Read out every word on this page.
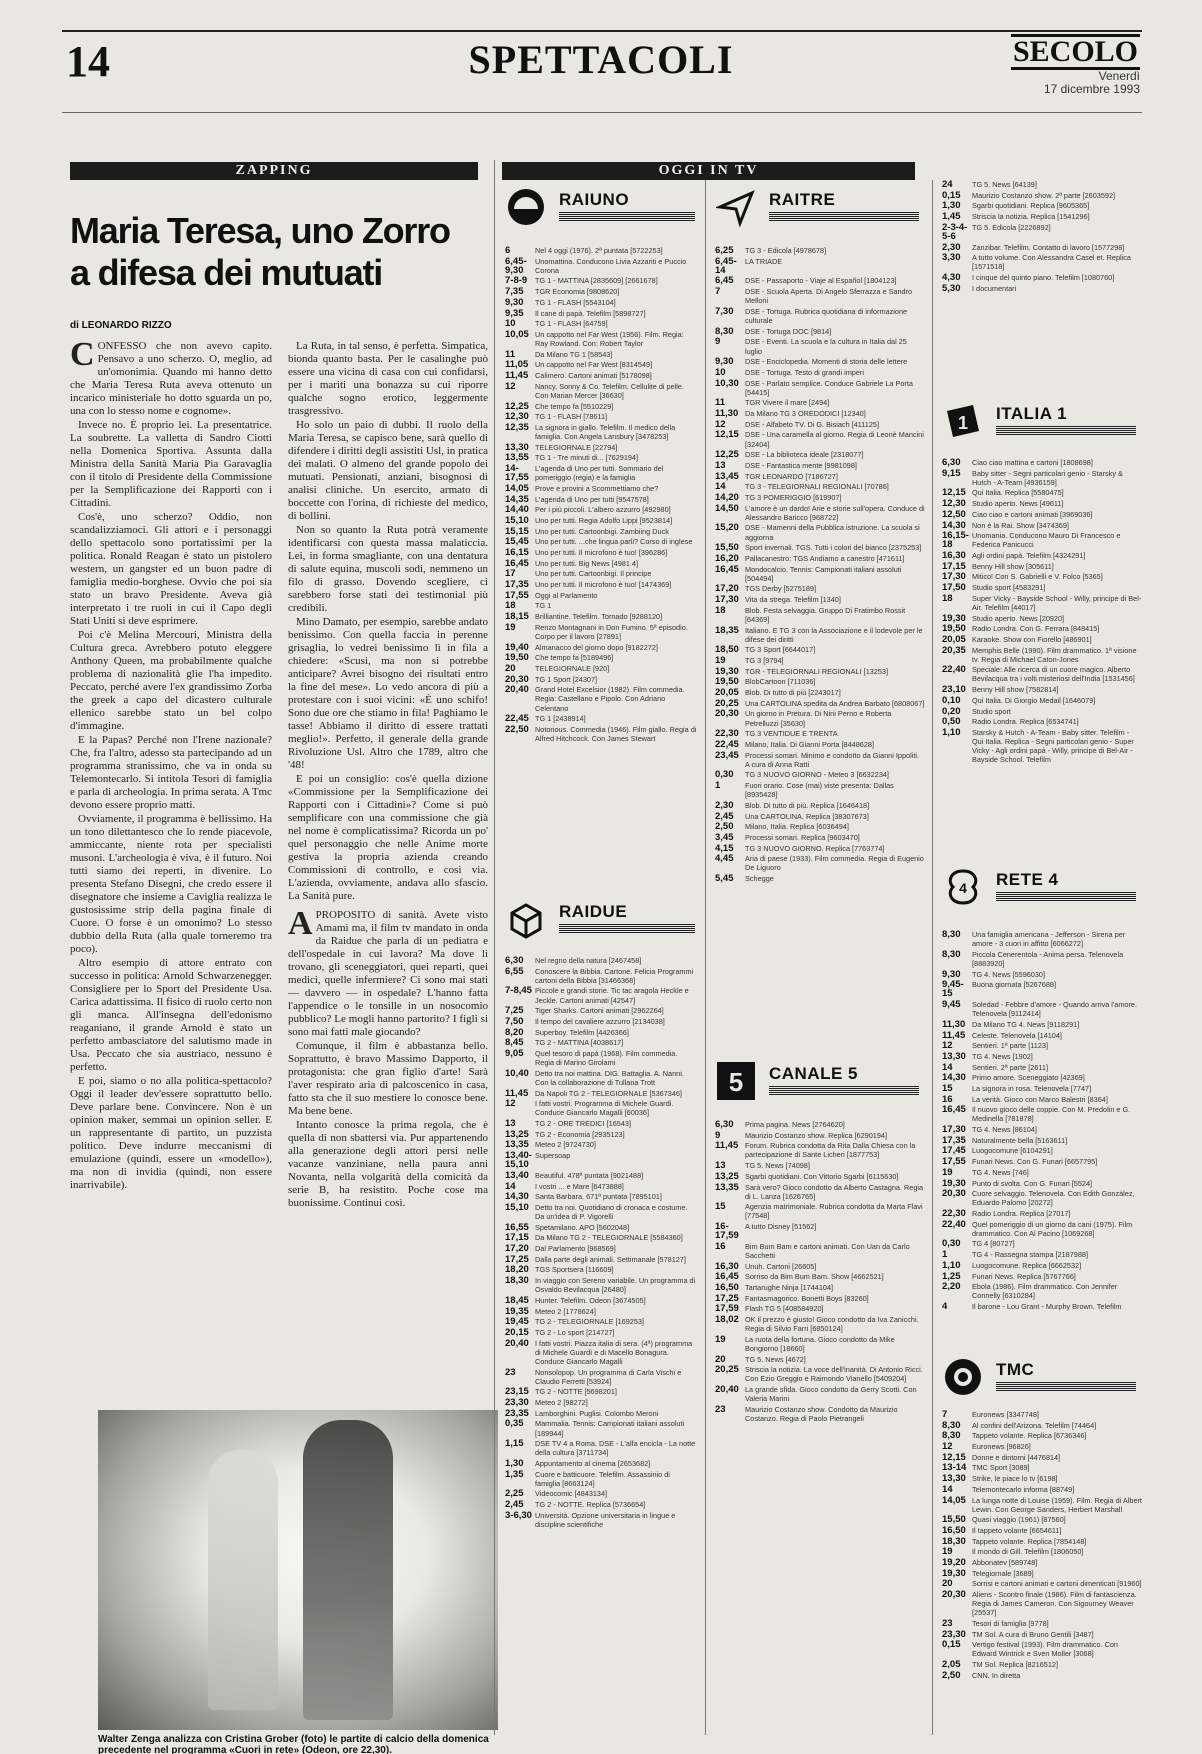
14	SPETTACOLI	SECOLO
Venerdì
17 dicembre 1993
ZAPPING
Maria Teresa, uno Zorro
a difesa dei mutuati
di LEONARDO RIZZO

CONFESSO che non avevo capito. Pensavo a uno scherzo. O, meglio, ad un'omonimia. Quando mi hanno detto che Maria Teresa Ruta aveva ottenuto un incarico ministeriale ho dotto sguarda un po, una con lo stesso nome e cognome».

Invece no. È proprio lei. La presentatrice. La soubrette. La valletta di Sandro Ciotti nella Domenica Sportiva. Assunta dalla Ministra della Sanità Maria Pia Garavaglia con il titolo di Presidente della Commissione per la Semplificazione dei Rapporti con i Cittadini.

Cos'è, uno scherzo? Oddio, non scandalizziamoci. Gli attori e i personaggi dello spettacolo sono portatissimi per la politica. Ronald Reagan è stato un pistolero western, un gangster ed un buon padre di famiglia medio-borghese. Ovvio che poi sia stato un bravo Presidente. Aveva già interpretato i tre ruoli in cui il Capo degli Stati Uniti si deve esprimere.

Poi c'è Melina Mercouri, Ministra della Cultura greca. Avrebbero potuto eleggere Anthony Queen, ma probabilmente qualche problema di nazionalità glie l'ha impedito. Peccato, perché avere l'ex grandissimo Zorba the greek a capo del dicastero culturale ellenico sarebbe stato un bel colpo d'immagine.

E la Papas? Perché non l'Irene nazionale? Che, fra l'altro, adesso sta partecipando ad un programma stranissimo, che va in onda su Telemontecarlo. Si intitola Tesori di famiglia e parla di archeologia. In prima serata. A Tmc devono essere proprio matti.

Ovviamente, il programma è bellissimo. Ha un tono dilettantesco che lo rende piacevole, ammiccante, niente rota per specialisti musoni. L'archeologia è viva, è il futuro. Noi tutti siamo dei reperti, in divenire. Lo presenta Stefano Disegni, che credo essere il disegnatore che insieme a Caviglia realizza le gustosissime strip della pagina finale di Cuore. O forse è un omonimo? Lo stesso dubbio della Ruta (alla quale torneremo tra poco).

Altro esempio di attore entrato con successo in politica: Arnold Schwarzenegger. Consigliere per lo Sport del Presidente Usa. Carica adattissima. Il fisico di ruolo certo non gli manca. All'insegna dell'edonismo reaganiano, il grande Arnold è stato un perfetto ambasciatore del salutismo made in Usa. Peccato che sia austriaco, nessuno è perfetto.

E poi, siamo o no alla politica-spettacolo? Oggi il leader dev'essere soprattutto bello. Deve parlare bene. Convincere. Non è un opinion maker, semmai un opinion seller. E un rappresentante di partito, un puzzista politico. Deve indurre meccanismi di emulazione (quindi, essere un «modello»), ma non di invidia (quindi, non essere inarrivabile).

La Ruta, in tal senso, è perfetta. Simpatica, bionda quanto basta. Per le casalinghe può essere una vicina di casa con cui confidarsi, per i mariti una bonazza su cui riporre qualche sogno erotico, leggermente trasgressivo.

Ho solo un paio di dubbi. Il ruolo della Maria Teresa, se capisco bene, sarà quello di difendere i diritti degli assistiti Usl, in pratica dei malati. O almeno del grande popolo dei mutuati. Pensionati, anziani, bisognosi di analisi cliniche. Un esercito, armato di boccette con l'orina, di richieste del medico, di bollini.

Non so quanto la Ruta potrà veramente identificarsi con questa massa malaticcia. Lei, in forma smagliante, con una dentatura di salute equina, muscoli sodi, nemmeno un filo di grasso. Dovendo scegliere, ci sarebbero forse stati dei testimonial più credibili.

Mino Damato, per esempio, sarebbe andato benissimo. Con quella faccia in perenne grisaglia, lo vedrei benissimo lì in fila a chiedere: «Scusi, ma non si potrebbe anticipare? Avrei bisogno dei risultati entro la fine del mese». Lo vedo ancora di più a protestare con i suoi vicini: «È uno schifo! Sono due ore che stiamo in fila! Paghiamo le tasse! Abbiamo il diritto di essere trattati meglio!». Perfetto, il generale della grande Rivoluzione Usl. Altro che 1789, altro che '48!

E poi un consiglio: cos'è quella dizione «Commissione per la Semplificazione dei Rapporti con i Cittadini»? Come si può semplificare con una commissione che già nel nome è complicatissima? Ricorda un po' quel personaggio che nelle Anime morte gestiva la propria azienda creando Commissioni di controllo, e così via. L'azienda, ovviamente, andava allo sfascio. La Sanità pure.

APROPOSITO di sanità. Avete visto Amami ma, il film tv mandato in onda da Raidue che parla di un pediatra e dell'ospedale in cui lavora? Ma dove li trovano, gli sceneggiatori, quei reparti, quei medici, quelle infermiere? Ci sono mai stati — davvero — in ospedale? L'hanno fatta l'appendice o le tonsille in un nosocomio pubblico? Le mogli hanno partorito? I figli si sono mai fatti male giocando?

Comunque, il film è abbastanza bello. Soprattutto, è bravo Massimo Dapporto, il protagonista: che gran figlio d'arte! Sarà l'aver respirato aria di palcoscenico in casa, fatto sta che il suo mestiere lo conosce bene. Ma bene bene.

Intanto conosce la prima regola, che è quella di non sbattersi via. Pur appartenendo alla generazione degli attori persi nelle vacanze vanziniane, nella paura anni Novanta, nella volgarità della comicità da serie B, ha resistito. Poche cose ma buonissime. Continui così.

Walter Zenga analizza con Cristina Grober (foto) le partite di calcio della domenica precedente nel programma «Cuori in rete» (Odeon, ore 22,30).
OGGI IN TV
RAIUNO
6	Nel 4 oggi (1976). 2ª puntata [5722253]
6,45-9,30
Unomattina. Conducono Livia Azzariti e Puccio Corona
7-8-9	TG 1 - MATTINA [2835609] [2661678]
7,35	TGR Economia [9808620]
9,30	TG 1 - FLASH [5543104]
9,35	Il cane di papà. Telefilm [5898727]
10	TG 1 - FLASH [64759]
10,05 Un cappotto nel Far West (1956). Film. Regia: Ray Rowland. Con: Robert Taylor
11	Da Milano TG 1 [58543]
11,05 Un cappotto nel Far West [8314549]
11,45 Calimero. Cartoni animati [5178098]
12	Nancy, Sonny & Co. Telefilm. Cellulite di pelle. Con Marian Mercer [36630]
12,25 Che tempo fa [5510229]
12,30 TG 1 - FLASH [78611]
12,35 La signora in giallo. Telefilm. Il medico della famiglia. Con Angela Lansbury [3478253]
13,30 TELEGIORNALE [22794]
13,55 TG 1 - Tre minuti di... [7629194]
14-17,55
L'agenda di Uno per tutti. Sommario del pomeriggio (regia) e la famiglia
14,05 Prove e provini a Scommettiamo che?
14,35 L'agenda di Uno per tutti [9547578]
14,40 Per i più piccoli. L'albero azzurro [492980]
15,10 Uno per tutti. Regia Adolfo Lippi [9523814]
15,15 Uno per tutti. Cartoonbigi. Zambiing Duck
15,45 Uno per tutti. ...che lingua parli? Corso di inglese
16,15 Uno per tutti. Il microfono è tuo! [396286]
16,45 Uno per tutti. Big News [4981 4]
17	Uno per tutti. Cartoonbigi. Il principe
17,35 Uno per tutti. Il microfono è tuo! [1474369]
17,55 Oggi al Parlamento
18	TG 1
18,15 Brilliantine. Telefilm. Tornado [9288120]
19	Renzo Montagnani in Don Fumino. 5ª episodio. Corpo per il lavoro [27891]
19,40 Almanacco del giorno dopo [9182272]
19,50 Che tempo fa [5189496]
20	TELEGIORNALE [920]
20,30 TG 1 Sport [24307]
20,40 Grand Hotel Excelsior (1982). Film commedia. Regia: Castellano e Pipolo. Con Adriano Celentano
22,45 TG 1 [2438914]
22,50 Notorious. Commedia (1946). Film giallo. Regia di Alfred Hitchcock. Con James Stewart
RAIDUE
6,30	Nel regno della natura [2467458]
6,55	Conoscere la Bibbia. Cartone. Felicia Programmi cartoni della Bibbia [31466368]
7-8,45 Piccole e grandi storie. Tic tac aragola Heckle e Jeckle. Cartoni animati [42547]
7,25	Tiger Sharks. Cartoni animati [2962264]
7,50	Il tempo del cavaliere azzurro [2134038]
8,20	Superboy. Telefilm [4426366]
8,45	TG 2 - MATTINA [4038617]
9,05	Quel tesoro di papà (1968). Film commedia. Regia di Marino Girolami
10,40 Detto tra noi mattina. DIG. Battaglia. A. Nanni. Con la collaborazione di Tullana Trott
11,45 Da Napoli TG 2 - TELEGIORNALE [5367346]
12	I fatti vostri. Programma di Michele Guardì. Conduce Giancarlo Magalli [60036]
13	TG 2 - ORE TREDICI [16543]
13,25 TG 2 - Economia [2935123]
13,35 Meteo 2 [9724730]
13,40-15,10
Supersoap
13,40 Beautiful. 478ª puntata [9021488]
14	I vostri ... e Mare [6473888]
14,30 Santa Barbara. 671ª puntata [7895101]
15,10 Detto tra noi. Quotidiano di cronaca e costume. Da un'idea di P. Vigorelli
16,55 Spetamilano. APO [5602048]
17,15 Da Milano TG 2 - TELEGIORNALE [5584360]
17,20 Dal Parlamento [968569]
17,25 Dalla parte degli animali. Settimanale [578127]
18,20 TGS Sportsera [116609]
18,30 In viaggio con Sereno variabile. Un programma di Osvaldo Bevilacqua [26480]
18,45 Hunter. Telefilm. Odeon [3674505]
19,35 Meteo 2 [1778624]
19,45 TG 2 - TELEGIORNALE [169253]
20,15 TG 2 - Lo sport [214727]
20,40 I fatti vostri. Piazza italia di sera. (4ª) programma di Michele Guardì e di Macello Bonagura. Conduce Giancarlo Magalli
23	Nonsolopop. Un programma di Carla Vischi e Claudio Ferretti [53924]
23,15 TG 2 - NOTTE [5698201]
23,30 Meteo 2 [98272]
23,35 Lamborghini. Puglisi. Colombo Meroni
0,35	Mammalia. Tennis: Campionati italiani assoluti [189944]
1,15	DSE TV 4 a Roma. DSE - L'alfa encicla - La notte della cultura [3711734]
1,30	Appuntamento al cinema [2653682]
1,35	Cuore e batticuore. Telefilm. Assassinio di famiglia [8663124]
2,25	Videocomic [4843134]
2,45	TG 2 - NOTTE. Replica [5736654]
3-6,30 Università. Opzione universitaria in lingue e discipline scientifiche
RAITRE
6,25	TG 3 - Edicola [4978678]
6,45-14
LA TRIADE
6,45	DSE - Passaporto - Viaje al Español [1804123]
7	DSE - Scuola Aperta. Di Angelo Sferrazza e Sandro Melloni
7,30	DSE - Tortuga. Rubrica quotidiana di informazione culturale
8,30	DSE - Tortuga DOC [9814]
9	DSE - Eventi. La scuola e la cultura in Italia dal 25 luglio
9,30	DSE - Enciclopedia. Momenti di storia delle lettere
10	DSE - Tortuga. Testo di grandi imperi
10,30 DSE - Parlato semplice. Conduce Gabriele La Porta [54415]
11	TGR Vivere il mare [2494]
11,30 Da Milano TG 3 OREDODICI [12340]
12	DSE - Alfabeto TV. Di G. Bisiach [411125]
12,15 DSE - Una caramella al giorno. Regia di Leonè Mancini [32404]
12,25 DSE - La biblioteca ideale [2318077]
13	DSE - Fantastica mente [9981098]
13,45 TGR LEONARDO [7186727]
14	TG 3 - TELEGIORNALI REGIONALI [70786]
14,20 TG 3 POMERIGGIO [619907]
14,50 L'amore è un dardo! Arie e storie sull'opera. Conduce di Alessandro Baricco [968722]
15,20 DSE - Mamenni della Pubblica istruzione. La scuola si aggiorna
15,50 Sport invernali. TGS. Tutti i colori del bianco [2375253]
16,20 Pallacanestro: TGS Andiamo a canestro [471611]
16,45 Mondocalcio. Tennis: Campionati italiani assoluti [504494]
17,20 TGS Derby [5275189]
17,30 Vita da strega. Telefilm [1340]
18	Blob. Festa selvaggia. Gruppo Di Fratimbo Rossit [64369]
18,35 Italiano. E TG 3 con la Associazione e il lodevole per le difese dei diritti
18,50 TG 3 Sport [6644017]
19	TG 3 [9794]
19,30 TGR - TELEGIORNALI REGIONALI [13253]
19,50 BlobCartoon [711036]
20,05 Blob. Di tutto di più [2243017]
20,25 Una CARTOLINA spedita da Andrea Barbato [6808067]
20,30 Un giorno in Pretura. Di Nini Perno e Roberta Petrelluzzi [35630]
22,30 TG 3 VENTIDUE E TRENTA
22,45 Milano, Italia. Di Gianni Porta [8448628]
23,45 Processi somari. Minimo e condotto da Gianni Ippoliti. A cura di Anna Ratti
0,30	TG 3 NUOVO GIORNO - Meteo 3 [6632234]
1	Fuori orario. Cose (mai) viste presenta: Dallas [8935428]
2,30	Blob. Di tutto di più. Replica [1646418]
2,45	Una CARTOLINA. Replica [38307673]
2,50	Milano, Italia. Replica [6036494]
3,45	Processi somari. Replica [9603470]
4,15	TG 3 NUOVO GIORNO. Replica [7763774]
4,45	Aria di paese (1933). Film commedia. Regia di Eugenio De Liguoro
5,45	Schegge
5 CANALE 5
6,30	Prima pagina. News [2764620]
9	Maurizio Costanzo show. Replica [6290194]
11,45 Forum. Rubrica condotta da Rita Dalla Chiesa con la partecipazione di Sante Licheri [1877753]
13	TG 5. News [74098]
13,25 Sgarbi quotidiani. Con Vittorio Sgarbi [6115630]
13,35 Sarà vero? Gioco condotto da Alberto Castagna. Regia di L. Lanza [1626765]
15	Agenzia matrimoniale. Rubrica condotta da Marta Flavi [77548]
16-17,59
A tutto Disney [51562]
16	Bim Bum Bam e cartoni animati. Con Uan da Carlo Sacchetti
16,30 Unuh. Cartoni [26605]
16,45 Sorriso da Bim Bum Bam. Show [4662521]
16,50 Tartarughe Ninja [1744104]
17,25 Fantasmagorico. Bonetti Boys [83260]
17,59 Flash TG 5 [408584920]
18,02 OK il prezzo è giusto! Gioco condotto da Iva Zanicchi. Regia di Silvio Farri [6850124]
19	La ruota della fortuna. Gioco condotto da Mike Bongiorno [18660]
20	TG 5. News [4672]
20,25 Striscia la notizia. La voce dell'inanità. Di Antonio Ricci. Con Ezio Greggio e Raimondo Vianello [5409204]
20,40 La grande sfida. Gioco condotto da Gerry Scotti. Con Valeria Marini
23	Maurizio Costanzo show. Condotto da Maurizio Costanzo. Regia di Paolo Pietrangeli
24	TG 5. News [64139]
0,15	Maurizio Costanzo show. 2ª parte [2603592]
1,30	Sgarbi quotidiani. Replica [9605365]
1,45	Striscia la notizia. Replica [1541296]
2-3-4-5-6
TG 5. Edicola [2226892]
2,30	Zanzibar. Telefilm. Contatto di lavoro [1577298]
3,30	A tutto volume. Con Alessandra Casel et. Replica [1571518]
4,30	I cinque del quinto piano. Telefilm [1080760]
5,30	I documentari
1 ITALIA 1
6,30	Ciao ciao mattina e cartoni [1808698]
9,15	Baby sitter - Segni particolari genio - Starsky & Hutch - A-Team [4936159]
12,15 Qui Italia. Replica [5580475]
12,30 Studio aperto. News [49611]
12,50 Ciao ciao e cartoni animati [3969036]
14,30 Non è la Rai. Show [3474369]
16,15-18
Unomania. Conducono Mauro Di Francesco e Federica Panicucci
16,30 Agli ordini papà. Telefilm [4324291]
17,15 Benny Hill show [305611]
17,30 Mitico! Con S. Gabrielli e V. Folco [5365]
17,50 Studio sport [4583291]
18	Super Vicky - Bayside School - Willy, principe di Bel-Air. Telefilm [44017]
19,30 Studio aperto. News [20920]
19,50 Radio Londra. Con G. Ferrara [848415]
20,05 Karaoke. Show con Fiorello [486901]
20,35 Memphis Belle (1990). Film drammatico. 1ª visione tv. Regia di Michael Caton-Jones
22,40 Speciale: Alle ricerca di un cuore magico. Alberto Bevilacqua tra i volti misteriosi dell'India [1531456]
23,10 Benny Hill show [7582814]
0,10	Qui Italia. Di Giorgio Medail [1646079]
0,20	Studio sport
0,50	Radio Londra. Replica [6534741]
1,10	Starsky & Hutch - A-Team - Baby sitter. Telefilm - Qui Italia. Replica - Segni particolari genio - Super Vicky - Agli ordini papà - Willy, principe di Bel-Air - Bayside School. Telefilm
4 RETE 4
8,30	Una famiglia americana - Jefferson - Sirena per amore - 3 cuori in affitto [6066272]
8,30	Piccola Cenerentola - Anima persa. Telenovela [8883920]
9,30	TG 4. News [5596030]
9,45-15
Buona giornata [5267688]
9,45	Soledad - Febbre d'amore - Quando arriva l'amore. Telenovela [9112414]
11,30 Da Milano TG 4. News [9118291]
11,45 Celeste. Telenovela [14104]
12	Sentieri. 1ª parte [1123]
13,30 TG 4. News [1902]
14	Sentieri. 2ª parte [2611]
14,30 Primo amore. Sceneggiato [42369]
15	La signora in rosa. Telenovela [7747]
16	La verità. Gioco con Marco Balestri [8364]
16,45 Il nuovo gioco delle coppie. Con M. Predolin e G. Medinella [781878]
17,30 TG 4. News [86104]
17,35 Naturalmente bella [5163611]
17,45 Luogocomune [6104291]
17,55 Funari News. Con G. Funari [6657795]
19	TG 4. News [746]
19,30 Punto di svolta. Con G. Funari [5524]
20,30 Cuore selvaggio. Telenovela. Con Edith González, Eduardo Palomo [20272]
22,30 Radio Londra. Replica [27017]
22,40 Quel pomeriggio di un giorno da cani (1975). Film drammatico. Con Al Pacino [1069268]
0,30	TG 4 [80727]
1	TG 4 - Rassegna stampa [2187988]
1,10	Luogocomune. Replica [6662532]
1,25	Funari News. Replica [5767766]
2,20	Ebola (1986). Film drammatico. Con Jennifer Connelly [6310284]
4	Il barone - Lou Grant - Murphy Brown. Telefilm
TMC
7	Euronews [3347748]
8,30	Al confini dell'Arizona. Telefilm [74464]
8,30	Tappeto volante. Replica [6736346]
12	Euronews [96826]
12,15 Donne e dintorni [4476814]
13-14 TMC Sport [3089]
13,30 Strike, le piace lo tv [6198]
14	Telemontecarlo informa [88749]
14,05 La lunga notte di Louise (1959). Film. Regia di Albert Lewin. Con George Sanders, Herbert Marshall
15,50 Quasi viaggio (1961) [87560]
16,50 Il tappeto volante [6654611]
18,30 Tappeto volante. Replica [7854148]
19	Il mondo di Gill. Telefilm [1806050]
19,20 Abbonatev [589748]
19,30 Telegiornale [3689]
20	Sorrisi e cartoni animati e cartoni dimenticati [91960]
20,30 Aliens - Scontro finale (1986). Film di fantascienza. Regia di James Cameron. Con Sigourney Weaver [25537]
23	Tesori di famiglia [9778]
23,30 TM Sol. A cura di Bruno Gentili [3487]
0,15	Vertigo festival (1993). Film drammatico. Con Edward Wintrick e Sven Moller [3068]
2,05	TM Sol. Replica [8216512]
2,50	CNN. In diretta
